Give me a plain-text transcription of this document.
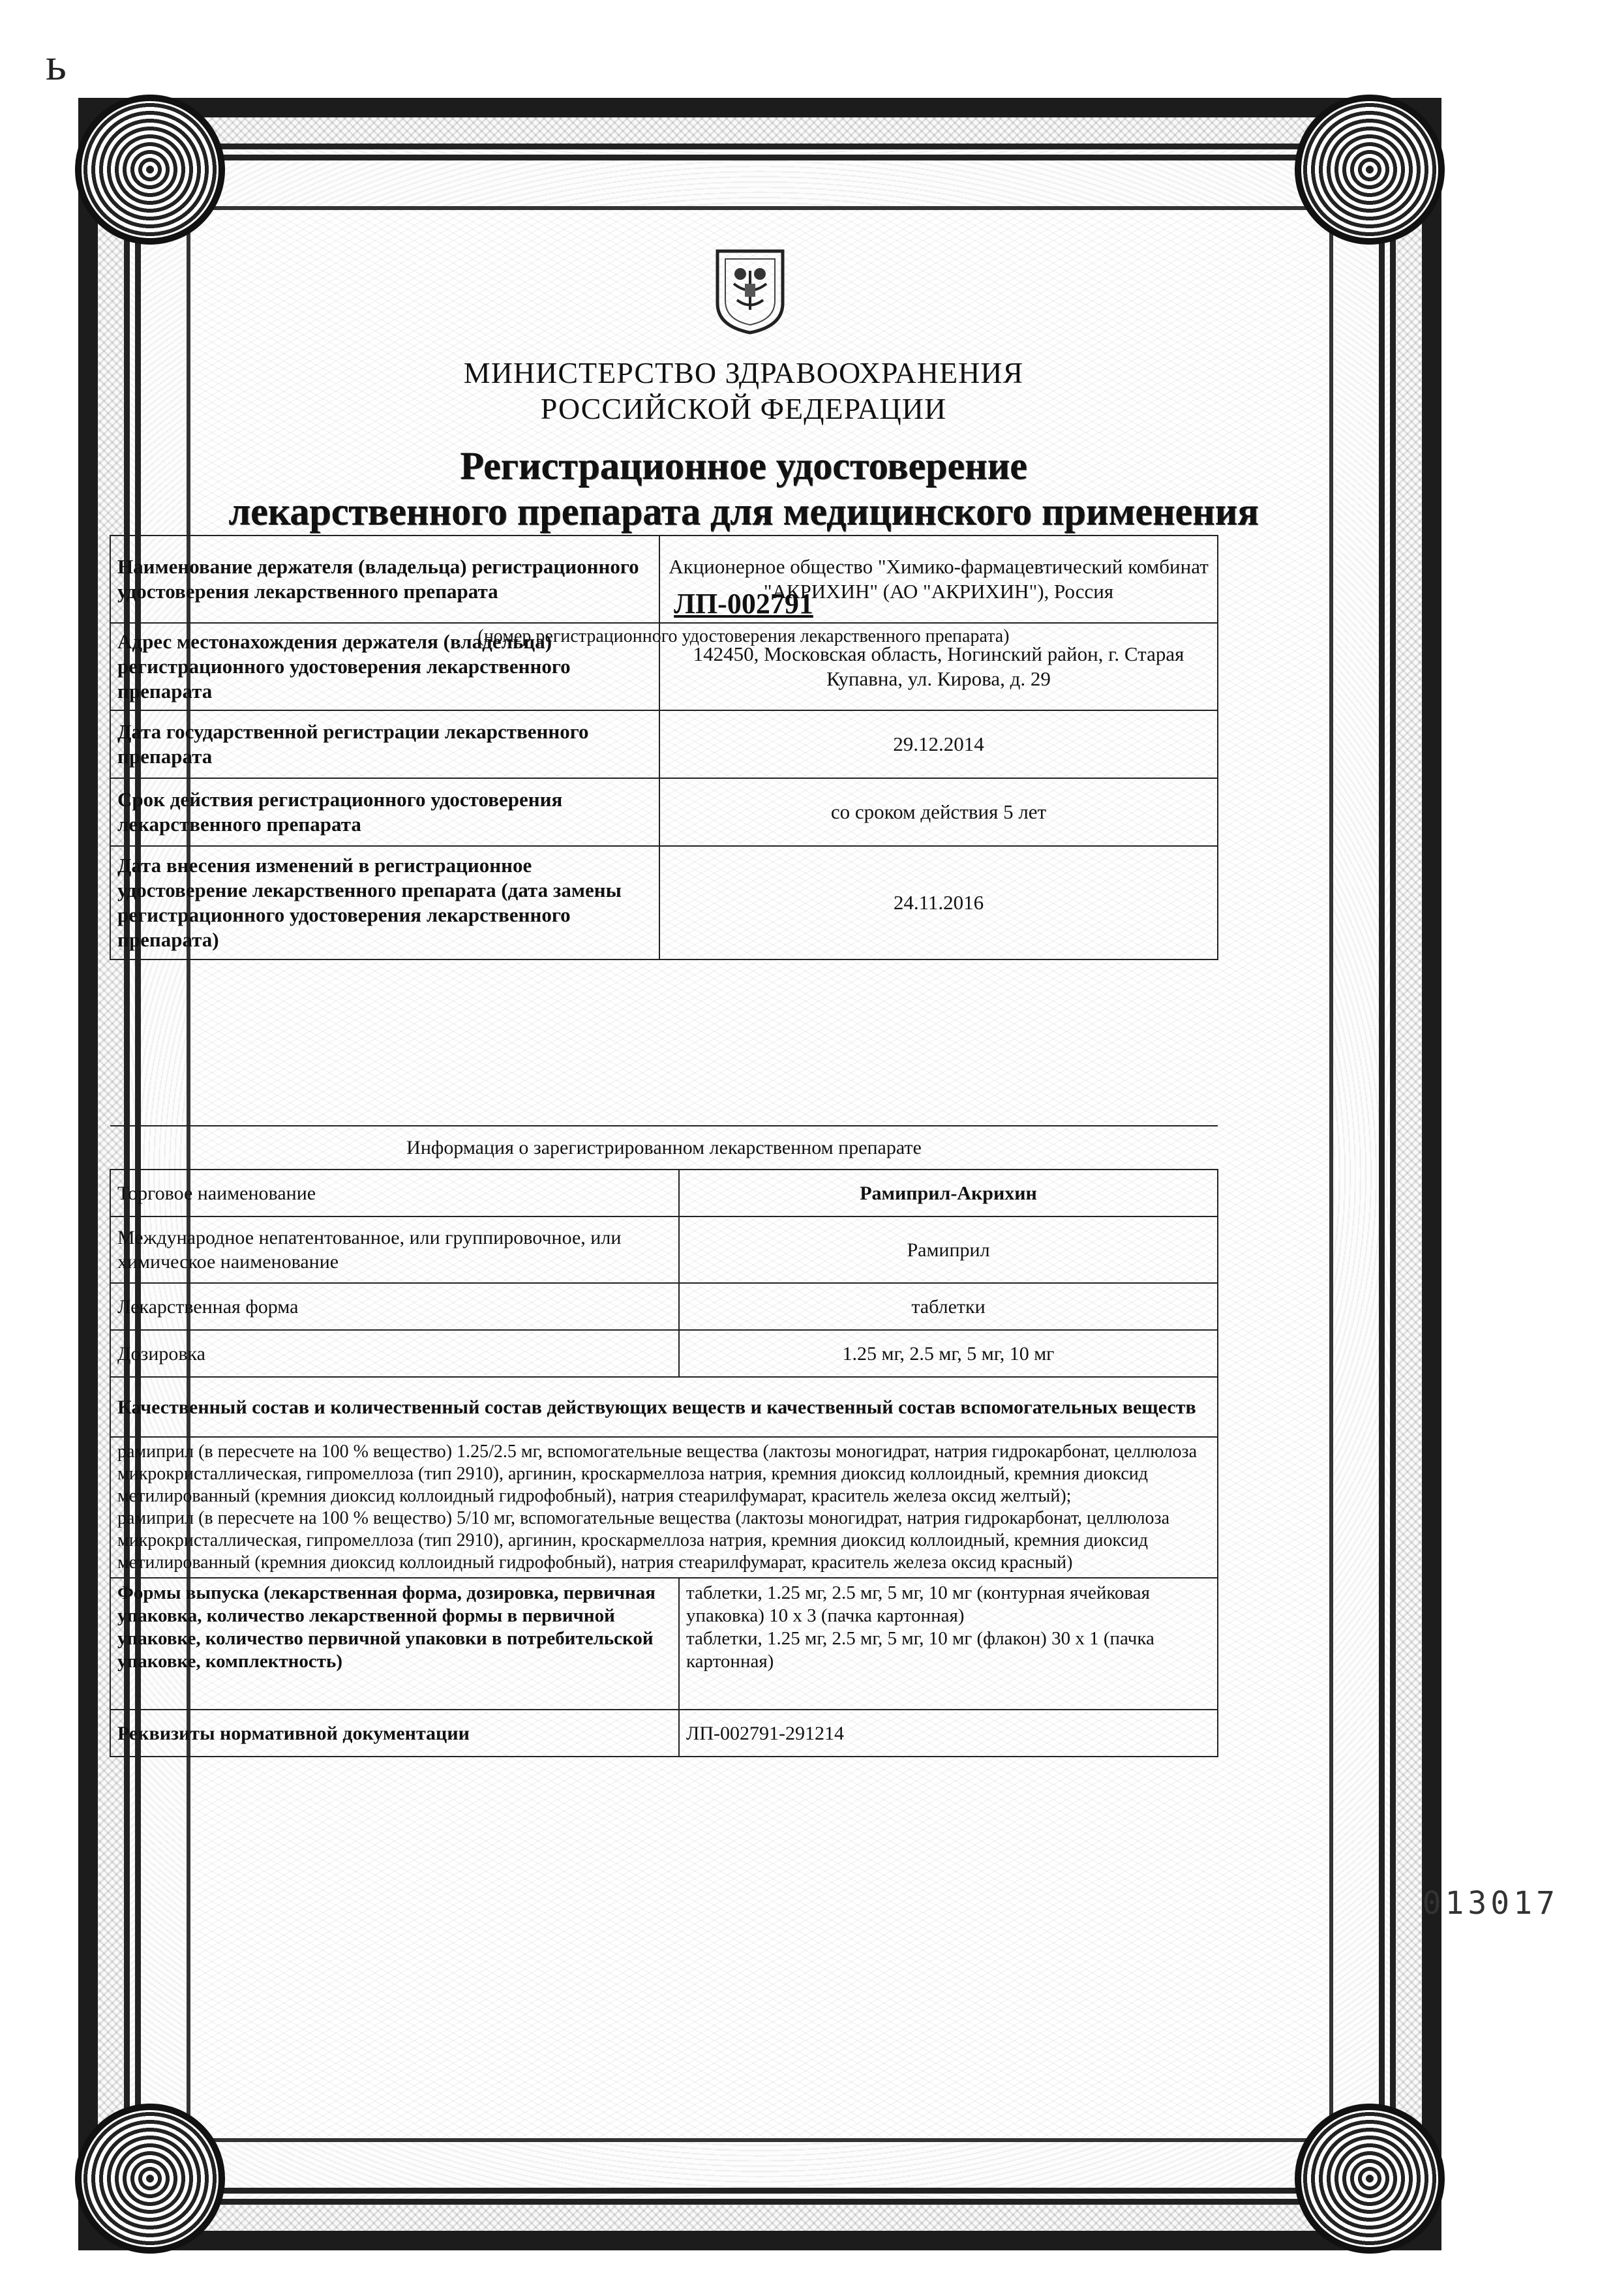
ь
МИНИСТЕРСТВО ЗДРАВООХРАНЕНИЯ
РОССИЙСКОЙ ФЕДЕРАЦИИ
Регистрационное удостоверение
лекарственного препарата для медицинского применения
ЛП-002791
(номер регистрационного удостоверения лекарственного препарата)
Наименование держателя (владельца) регистрационного удостоверения лекарственного препарата	Акционерное общество "Химико-фармацевтический комбинат "АКРИХИН" (АО "АКРИХИН"), Россия
Адрес местонахождения держателя (владельца) регистрационного удостоверения лекарственного препарата	142450, Московская область, Ногинский район, г. Старая Купавна, ул. Кирова, д. 29
Дата государственной регистрации лекарственного препарата	29.12.2014
Срок действия регистрационного удостоверения лекарственного препарата	со сроком действия 5 лет
Дата внесения изменений в регистрационное удостоверение лекарственного препарата (дата замены регистрационного удостоверения лекарственного препарата)	24.11.2016
Информация о зарегистрированном лекарственном препарате	
Торговое наименование	Рамиприл-Акрихин
Международное непатентованное, или группировочное, или химическое наименование	Рамиприл
Лекарственная форма	таблетки
Дозировка	1.25 мг, 2.5 мг, 5 мг, 10 мг
Качественный состав и количественный состав действующих веществ и качественный состав вспомогательных веществ	

рамиприл (в пересчете на 100 % вещество) 1.25/2.5 мг, вспомогательные вещества (лактозы моногидрат, натрия гидрокарбонат, целлюлоза микрокристаллическая, гипромеллоза (тип 2910), аргинин, кроскармеллоза натрия, кремния диоксид коллоидный, кремния диоксид метилированный (кремния диоксид коллоидный гидрофобный), натрия стеарилфумарат, краситель железа оксид желтый);
рамиприл (в пересчете на 100 % вещество) 5/10 мг, вспомогательные вещества (лактозы моногидрат, натрия гидрокарбонат, целлюлоза микрокристаллическая, гипромеллоза (тип 2910), аргинин, кроскармеллоза натрия, кремния диоксид коллоидный, кремния диоксид метилированный (кремния диоксид коллоидный гидрофобный), натрия стеарилфумарат, краситель железа оксид красный)	

Формы выпуска (лекарственная форма, дозировка, первичная упаковка, количество лекарственной формы в первичной упаковке, количество первичной упаковки в потребительской упаковке, комплектность)	таблетки, 1.25 мг, 2.5 мг, 5 мг, 10 мг (контурная ячейковая упаковка) 10 х 3 (пачка картонная)
таблетки, 1.25 мг, 2.5 мг, 5 мг, 10 мг (флакон) 30 х 1 (пачка картонная)

Реквизиты нормативной документации	ЛП-002791-291214
013017
